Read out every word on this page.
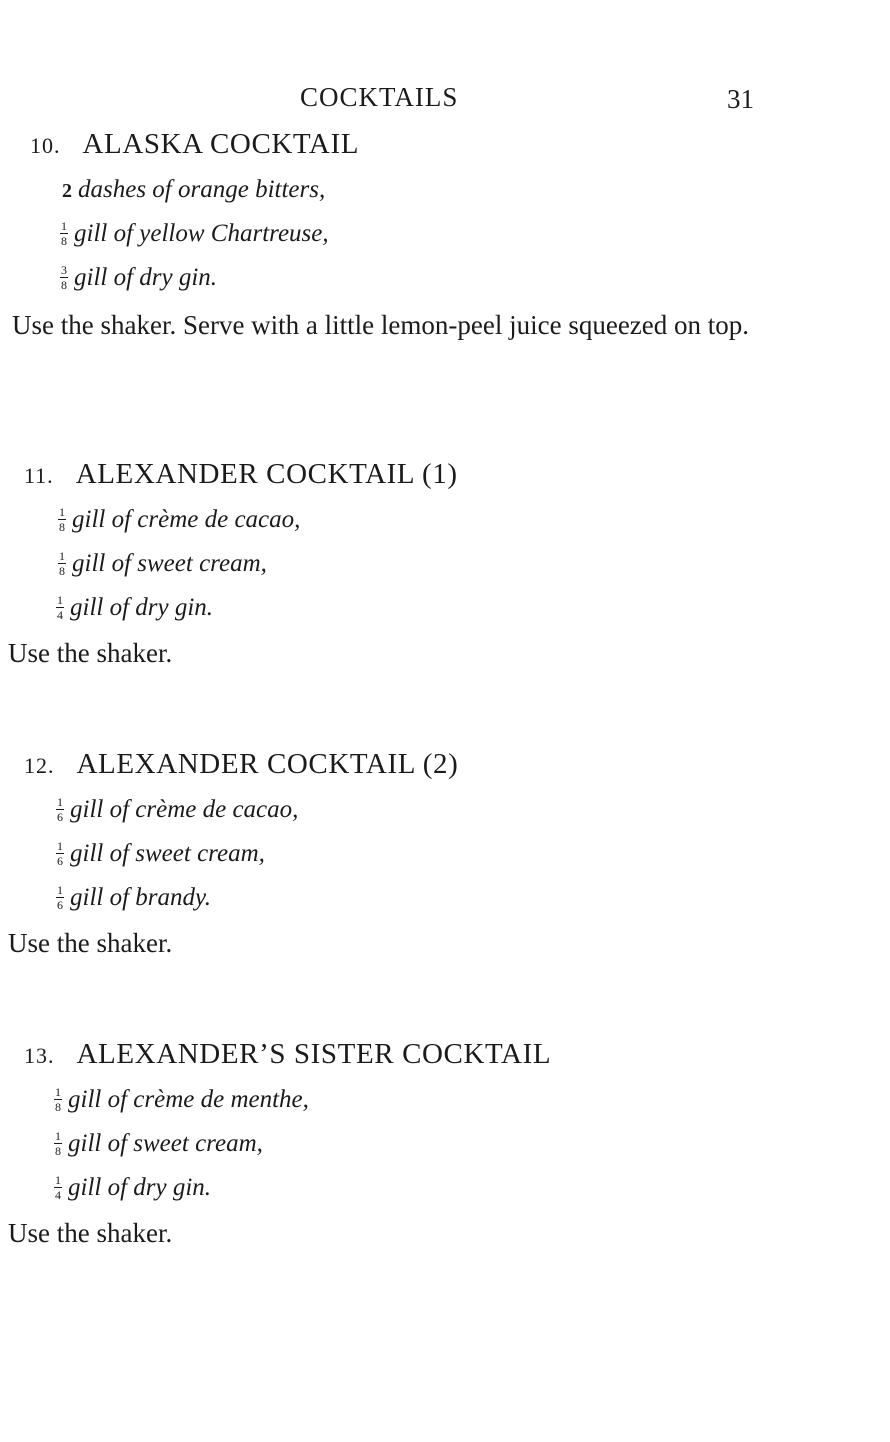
COCKTAILS	31
10. ALASKA COCKTAIL
2 dashes of orange bitters,
$\frac{1}{8}$ gill of yellow Chartreuse,
$\frac{3}{8}$ gill of dry gin.
Use the shaker. Serve with a little lemon-peel juice squeezed on top.
11. ALEXANDER COCKTAIL (1)
$\frac{1}{8}$ gill of crème de cacao,
$\frac{1}{8}$ gill of sweet cream,
$\frac{1}{4}$ gill of dry gin.
Use the shaker.
12. ALEXANDER COCKTAIL (2)
$\frac{1}{6}$ gill of crème de cacao,
$\frac{1}{6}$ gill of sweet cream,
$\frac{1}{6}$ gill of brandy.
Use the shaker.
13. ALEXANDER’S SISTER COCKTAIL
$\frac{1}{8}$ gill of crème de menthe,
$\frac{1}{8}$ gill of sweet cream,
$\frac{1}{4}$ gill of dry gin.
Use the shaker.
